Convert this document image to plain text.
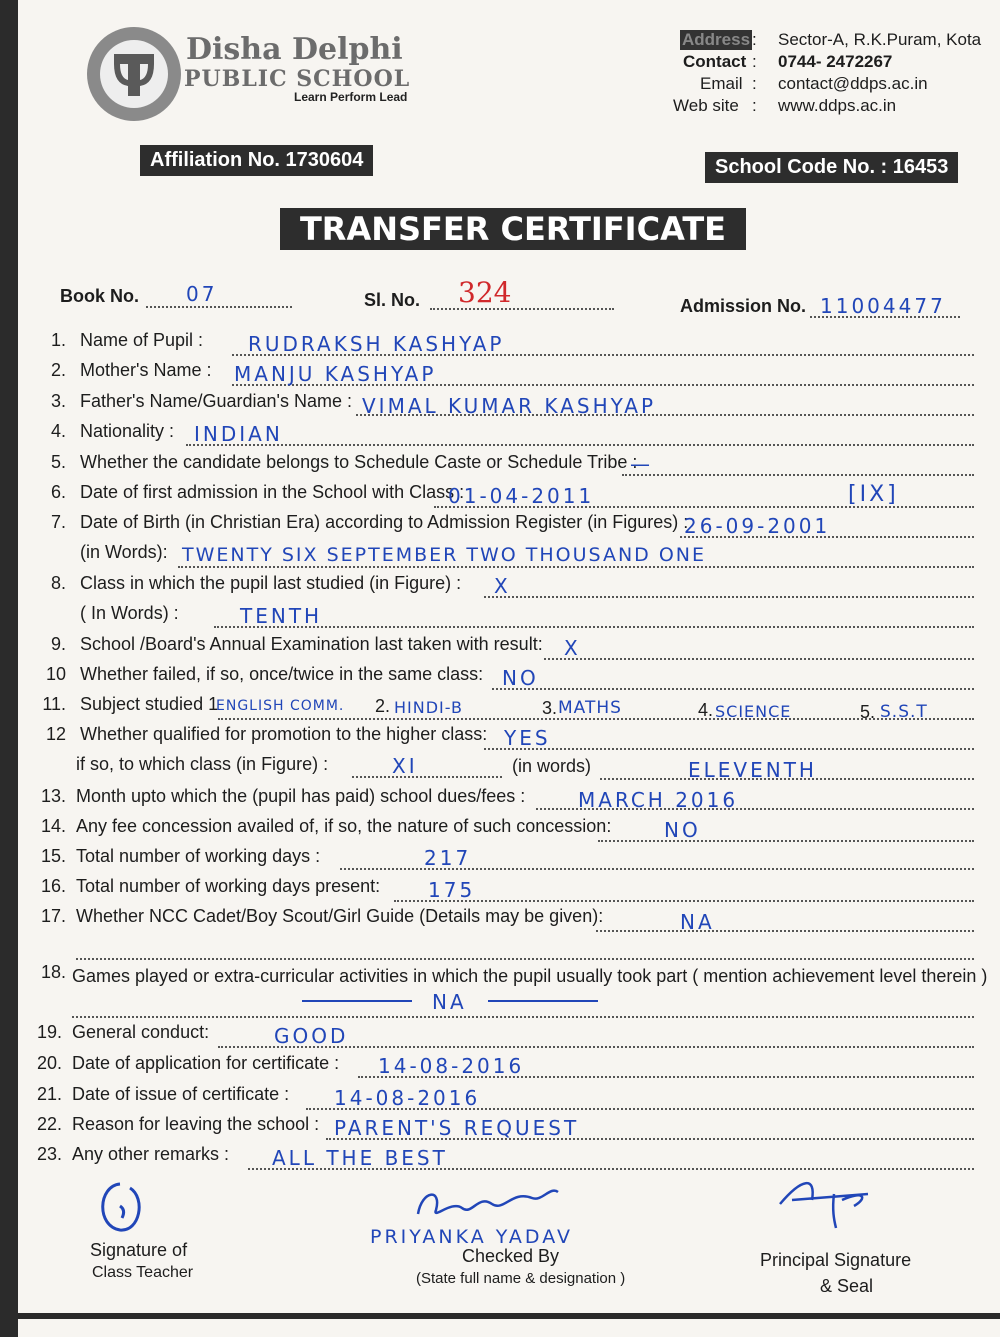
Disha Delphi
PUBLIC SCHOOL
Learn Perform Lead
Address : Sector-A, R.K.Puram, Kota
Contact : 0744- 2472267
Email : contact@ddps.ac.in
Web site : www.ddps.ac.in
Affiliation No. 1730604	School Code No. : 16453
TRANSFER CERTIFICATE
Book No. 07	Sl. No. 324	Admission No. 11004477
1. Name of Pupil : RUDRAKSH KASHYAP
2. Mother's Name : MANJU KASHYAP
3. Father's Name/Guardian's Name : VIMAL KUMAR KASHYAP
4. Nationality : INDIAN
5. Whether the candidate belongs to Schedule Caste or Schedule Tribe :
—
6. Date of first admission in the School with Class :
01-04-2011	[IX]
7. Date of Birth (in Christian Era) according to Admission Register (in Figures) :
26-09-2001
(in Words): TWENTY SIX SEPTEMBER TWO THOUSAND ONE
8. Class in which the pupil last studied (in Figure) : X
( In Words) :	TENTH
9. School /Board's Annual Examination last taken with result: X
10 Whether failed, if so, once/twice in the same class: NO
11. Subject studied 1
ENGLISH COMM. 2. HINDI-B	3. MATHS	4. SCIENCE	5. S.S.T
12 Whether qualified for promotion to the higher class: YES
if so, to which class (in Figure) :	XI	(in words)	ELEVENTH
13. Month upto which the (pupil has paid) school dues/fees :	MARCH 2016
14. Any fee concession availed of, if so, the nature of such concession:	NO
15. Total number of working days :	217
16. Total number of working days present: 175
17. Whether NCC Cadet/Boy Scout/Girl Guide (Details may be given):	NA
18. Games played or extra-curricular activities in which the pupil usually took part ( mention achievement level therein )
NA
19. General conduct:	GOOD
20. Date of application for certificate : 14-08-2016
21. Date of issue of certificate : 14-08-2016
22. Reason for leaving the school : PARENT'S REQUEST
23. Any other remarks : ALL THE BEST
Signature of
Class Teacher
PRIYANKA YADAV
Checked By
(State full name & designation )
Principal Signature
& Seal
